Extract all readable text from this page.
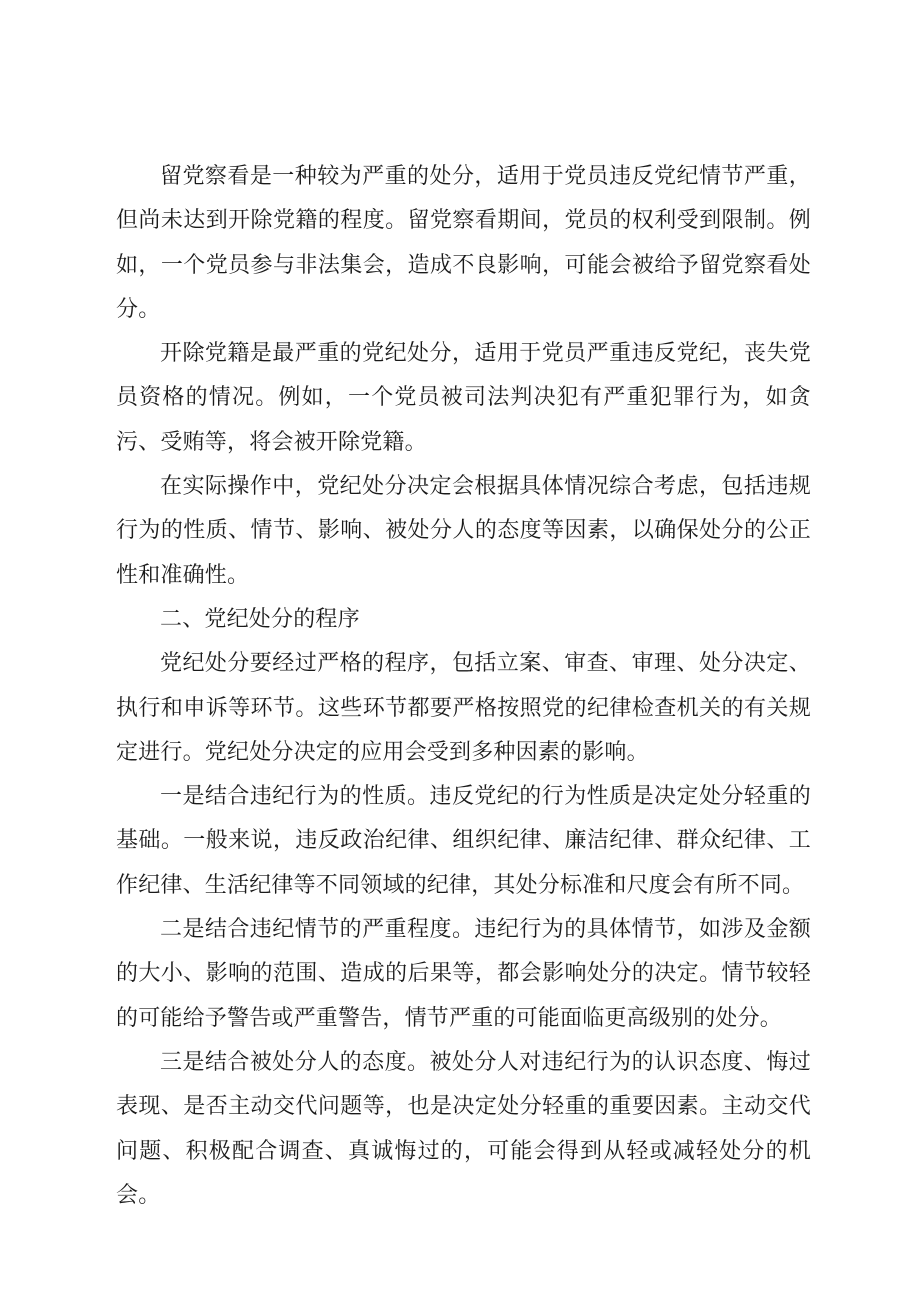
留党察看是一种较为严重的处分，适用于党员违反党纪情节严重，但尚未达到开除党籍的程度。留党察看期间，党员的权利受到限制。例如，一个党员参与非法集会，造成不良影响，可能会被给予留党察看处分。

开除党籍是最严重的党纪处分，适用于党员严重违反党纪，丧失党员资格的情况。例如，一个党员被司法判决犯有严重犯罪行为，如贪污、受贿等，将会被开除党籍。

在实际操作中，党纪处分决定会根据具体情况综合考虑，包括违规行为的性质、情节、影响、被处分人的态度等因素，以确保处分的公正性和准确性。

二、党纪处分的程序

党纪处分要经过严格的程序，包括立案、审查、审理、处分决定、执行和申诉等环节。这些环节都要严格按照党的纪律检查机关的有关规定进行。党纪处分决定的应用会受到多种因素的影响。

一是结合违纪行为的性质。违反党纪的行为性质是决定处分轻重的基础。一般来说，违反政治纪律、组织纪律、廉洁纪律、群众纪律、工作纪律、生活纪律等不同领域的纪律，其处分标准和尺度会有所不同。

二是结合违纪情节的严重程度。违纪行为的具体情节，如涉及金额的大小、影响的范围、造成的后果等，都会影响处分的决定。情节较轻的可能给予警告或严重警告，情节严重的可能面临更高级别的处分。

三是结合被处分人的态度。被处分人对违纪行为的认识态度、悔过表现、是否主动交代问题等，也是决定处分轻重的重要因素。主动交代问题、积极配合调查、真诚悔过的，可能会得到从轻或减轻处分的机会。
